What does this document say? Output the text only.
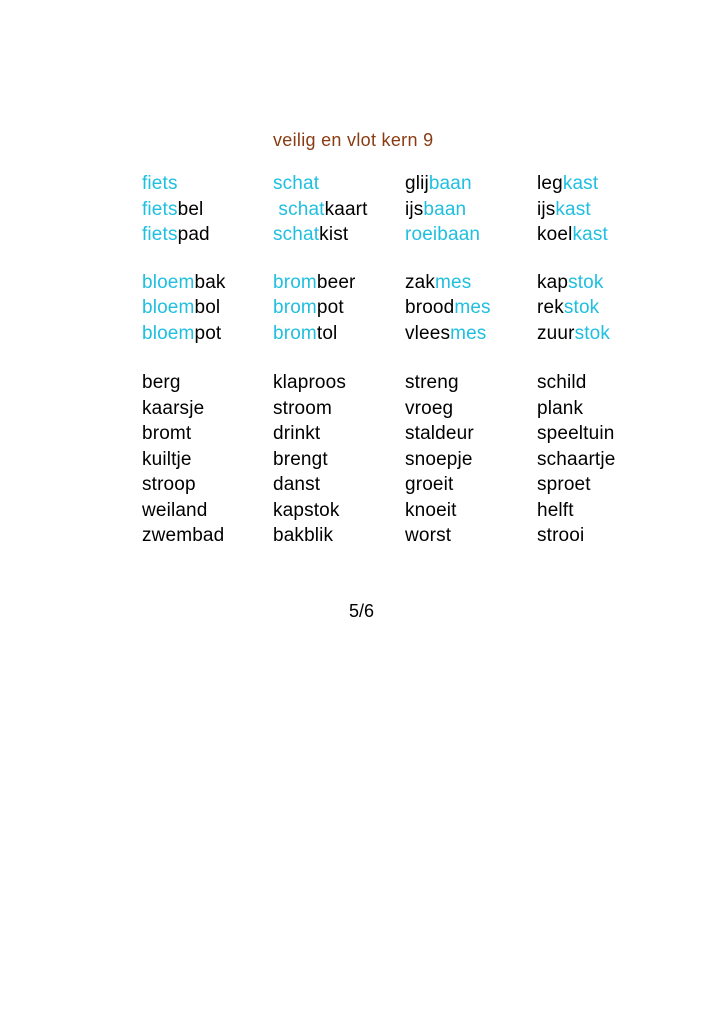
veilig en vlot kern 9
fiets	schat	glijbaan	legkast
fietsbel	schatkaart	ijsbaan	ijskast
fietspad	schatkist	roeibaan	koelkast
bloembak	brombeer	zakmes	kapstok
bloembol	brompot	broodmes	rekstok
bloempot	bromtol	vleesmes	zuurstok
berg	klaproos	streng	schild
kaarsje	stroom	vroeg	plank
bromt	drinkt	staldeur	speeltuin
kuiltje	brengt	snoepje	schaartje
stroop	danst	groeit	sproet
weiland	kapstok	knoeit	helft
zwembad	bakblik	worst	strooi
5/6
